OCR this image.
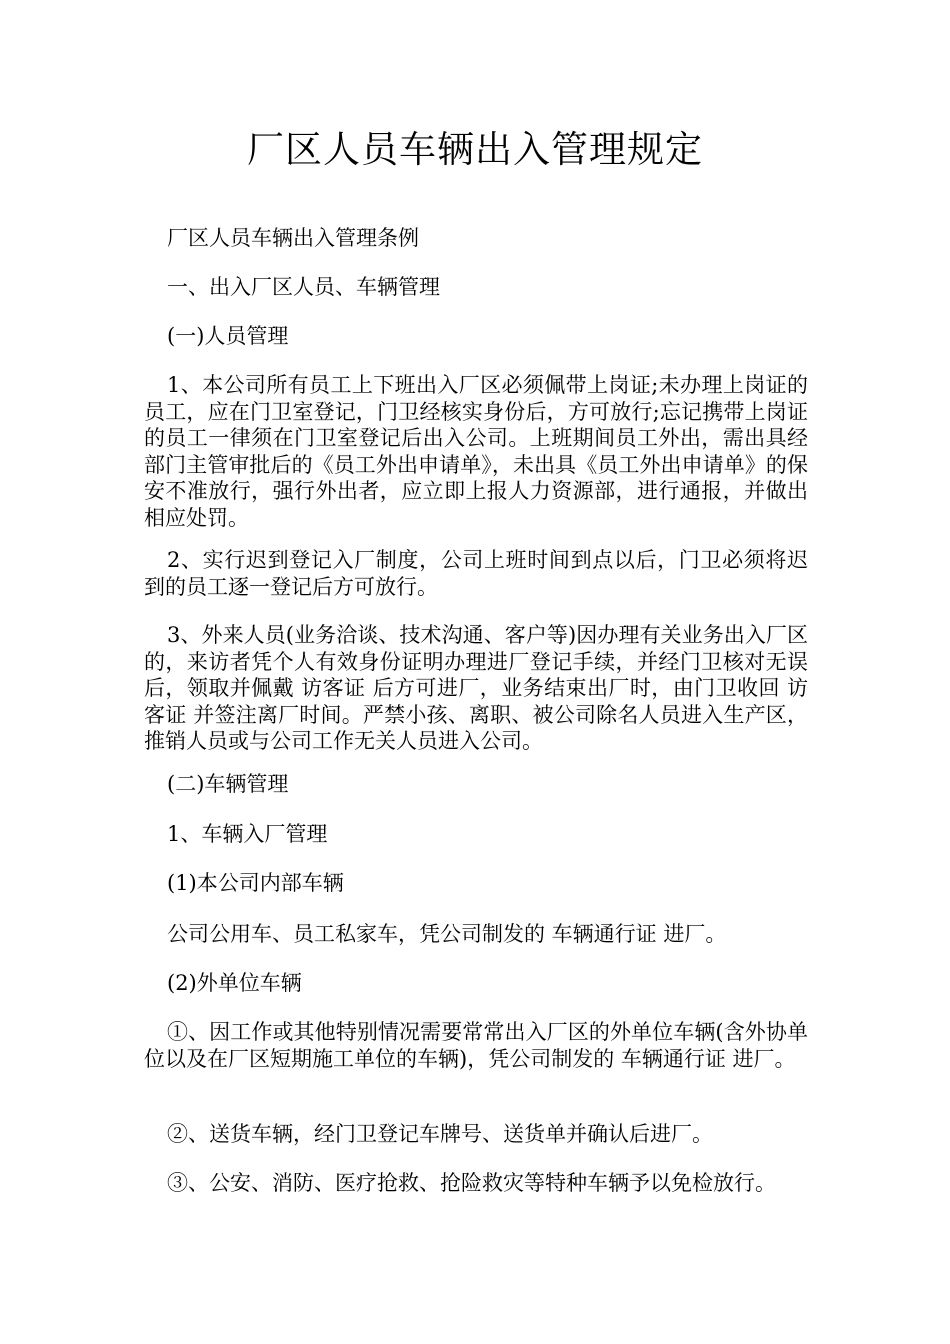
厂区人员车辆出入管理规定
厂区人员车辆出入管理条例
一、出入厂区人员、车辆管理
(一)人员管理
1、本公司所有员工上下班出入厂区必须佩带上岗证;未办理上岗证的员工，应在门卫室登记，门卫经核实身份后，方可放行;忘记携带上岗证的员工一律须在门卫室登记后出入公司。上班期间员工外出，需出具经部门主管审批后的《员工外出申请单》，未出具《员工外出申请单》的保安不准放行，强行外出者，应立即上报人力资源部，进行通报，并做出相应处罚。
2、实行迟到登记入厂制度，公司上班时间到点以后，门卫必须将迟到的员工逐一登记后方可放行。
3、外来人员(业务洽谈、技术沟通、客户等)因办理有关业务出入厂区的，来访者凭个人有效身份证明办理进厂登记手续，并经门卫核对无误后，领取并佩戴 访客证 后方可进厂，业务结束出厂时，由门卫收回 访客证 并签注离厂时间。严禁小孩、离职、被公司除名人员进入生产区，推销人员或与公司工作无关人员进入公司。
(二)车辆管理
1、车辆入厂管理
(1)本公司内部车辆
公司公用车、员工私家车，凭公司制发的 车辆通行证 进厂。
(2)外单位车辆
①、因工作或其他特别情况需要常常出入厂区的外单位车辆(含外协单位以及在厂区短期施工单位的车辆)，凭公司制发的 车辆通行证 进厂。
②、送货车辆，经门卫登记车牌号、送货单并确认后进厂。
③、公安、消防、医疗抢救、抢险救灾等特种车辆予以免检放行。
